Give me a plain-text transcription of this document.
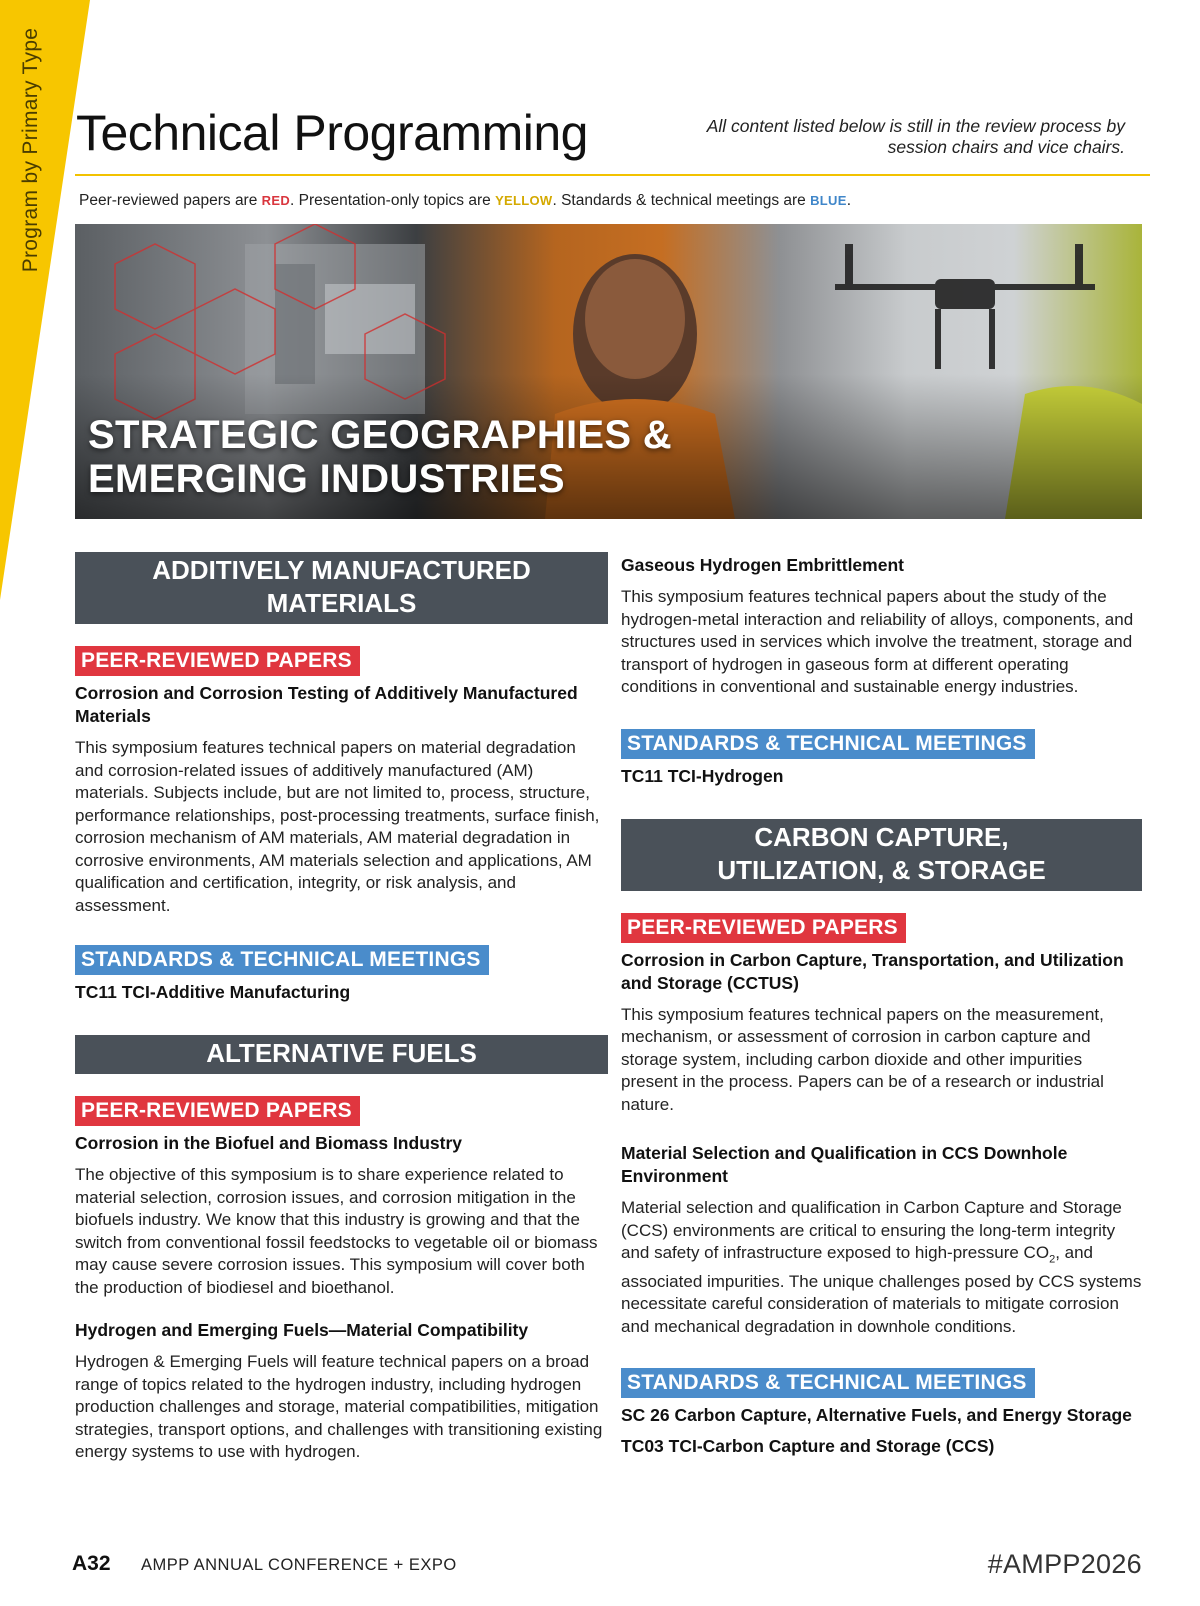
Program by Primary Type Technical Programming	All content listed below is still in the review process by session chairs and vice chairs.
Peer-reviewed papers are RED. Presentation-only topics are YELLOW. Standards & technical meetings are BLUE.
STRATEGIC GEOGRAPHIES &
EMERGING INDUSTRIES
ADDITIVELY MANUFACTURED MATERIALS
PEER-REVIEWED PAPERS

Corrosion and Corrosion Testing of Additively Manufactured Materials

This symposium features technical papers on material degradation and corrosion-related issues of additively manufactured (AM) materials. Subjects include, but are not limited to, process, structure, performance relationships, post-processing treatments, surface finish, corrosion mechanism of AM materials, AM material degradation in corrosive environments, AM materials selection and applications, AM qualification and certification, integrity, or risk analysis, and assessment.

STANDARDS & TECHNICAL MEETINGS

TC11 TCI-Additive Manufacturing

ALTERNATIVE FUELS
PEER-REVIEWED PAPERS

Corrosion in the Biofuel and Biomass Industry

The objective of this symposium is to share experience related to material selection, corrosion issues, and corrosion mitigation in the biofuels industry. We know that this industry is growing and that the switch from conventional fossil feedstocks to vegetable oil or biomass may cause severe corrosion issues. This symposium will cover both the production of biodiesel and bioethanol.

Hydrogen and Emerging Fuels—Material Compatibility

Hydrogen & Emerging Fuels will feature technical papers on a broad range of topics related to the hydrogen industry, including hydrogen production challenges and storage, material compatibilities, mitigation strategies, transport options, and challenges with transitioning existing energy systems to use with hydrogen.

Gaseous Hydrogen Embrittlement

This symposium features technical papers about the study of the hydrogen-metal interaction and reliability of alloys, components, and structures used in services which involve the treatment, storage and transport of hydrogen in gaseous form at different operating conditions in conventional and sustainable energy industries.

STANDARDS & TECHNICAL MEETINGS

TC11 TCI-Hydrogen

CARBON CAPTURE,
UTILIZATION, & STORAGE
PEER-REVIEWED PAPERS

Corrosion in Carbon Capture, Transportation, and Utilization and Storage (CCTUS)

This symposium features technical papers on the measurement, mechanism, or assessment of corrosion in carbon capture and storage system, including carbon dioxide and other impurities present in the process. Papers can be of a research or industrial nature.

Material Selection and Qualification in CCS Downhole Environment

Material selection and qualification in Carbon Capture and Storage (CCS) environments are critical to ensuring the long-term integrity and safety of infrastructure exposed to high-pressure $CO_2$, and associated impurities. The unique challenges posed by CCS systems necessitate careful consideration of materials to mitigate corrosion and mechanical degradation in downhole conditions.

STANDARDS & TECHNICAL MEETINGS

SC 26 Carbon Capture, Alternative Fuels, and Energy Storage

TC03 TCI-Carbon Capture and Storage (CCS)

A32 AMPP ANNUAL CONFERENCE + EXPO	#AMPP2026
